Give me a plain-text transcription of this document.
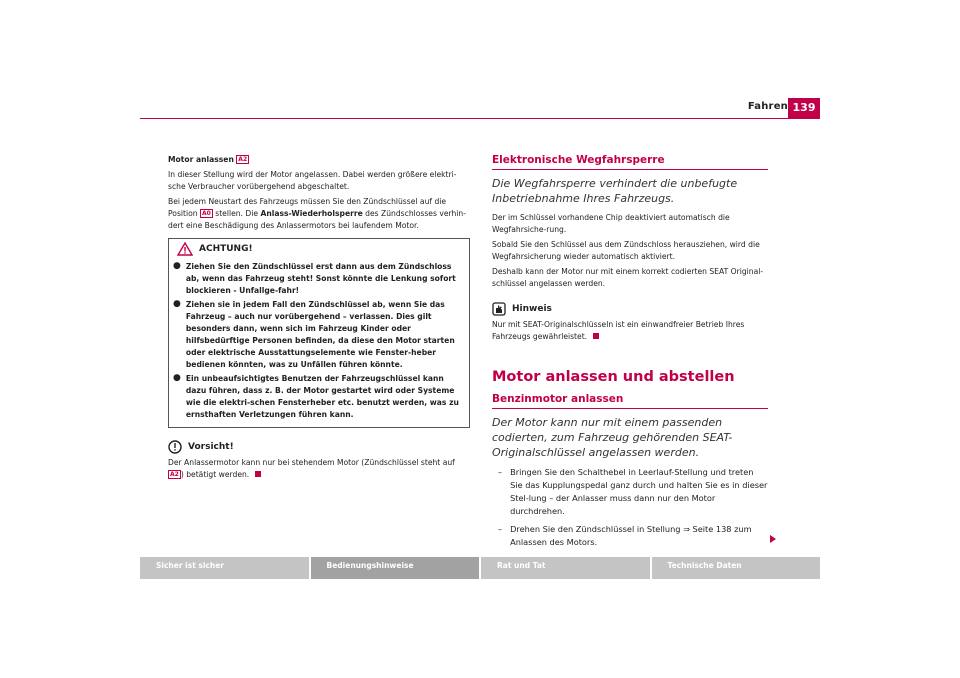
Fahren 139

Motor anlassen A2

In dieser Stellung wird der Motor angelassen. Dabei werden größere elektri-sche Verbraucher vorübergehend abgeschaltet.

Bei jedem Neustart des Fahrzeugs müssen Sie den Zündschlüssel auf die Position A0 stellen. Die Anlass-Wiederholsperre des Zündschlosses verhin-dert eine Beschädigung des Anlassermotors bei laufendem Motor.

ACHTUNG!
● Ziehen Sie den Zündschlüssel erst dann aus dem Zündschloss ab, wenn das Fahrzeug steht! Sonst könnte die Lenkung sofort blockieren - Unfallge-fahr!
● Ziehen sie in jedem Fall den Zündschlüssel ab, wenn Sie das Fahrzeug – auch nur vorübergehend – verlassen. Dies gilt besonders dann, wenn sich im Fahrzeug Kinder oder hilfsbedürftige Personen befinden, da diese den Motor starten oder elektrische Ausstattungselemente wie Fenster-heber bedienen könnten, was zu Unfällen führen könnte.
● Ein unbeaufsichtigtes Benutzen der Fahrzeugschlüssel kann dazu führen, dass z. B. der Motor gestartet wird oder Systeme wie die elektri-schen Fensterheber etc. benutzt werden, was zu ernsthaften Verletzungen führen kann.
Vorsicht!

Der Anlassermotor kann nur bei stehendem Motor (Zündschlüssel steht auf A2 ) betätigt werden.

Elektronische Wegfahrsperre
Die Wegfahrsperre verhindert die unbefugte Inbetriebnahme Ihres Fahrzeugs.

Der im Schlüssel vorhandene Chip deaktiviert automatisch die Wegfahrsiche-rung.

Sobald Sie den Schlüssel aus dem Zündschloss herausziehen, wird die Wegfahrsicherung wieder automatisch aktiviert.

Deshalb kann der Motor nur mit einem korrekt codierten SEAT Original-schlüssel angelassen werden.

Hinweis

Nur mit SEAT-Originalschlüsseln ist ein einwandfreier Betrieb Ihres Fahrzeugs gewährleistet.

Motor anlassen und abstellen
Benzinmotor anlassen
Der Motor kann nur mit einem passenden codierten, zum Fahrzeug gehörenden SEAT-Originalschlüssel angelassen werden.
– Bringen Sie den Schalthebel in Leerlauf-Stellung und treten Sie das Kupplungspedal ganz durch und halten Sie es in dieser Stel-lung – der Anlasser muss dann nur den Motor durchdrehen.
– Drehen Sie den Zündschlüssel in Stellung ⇒ Seite 138 zum Anlassen des Motors.
Sicher ist sicher	Bedienungshinweise	Rat und Tat	Technische Daten
